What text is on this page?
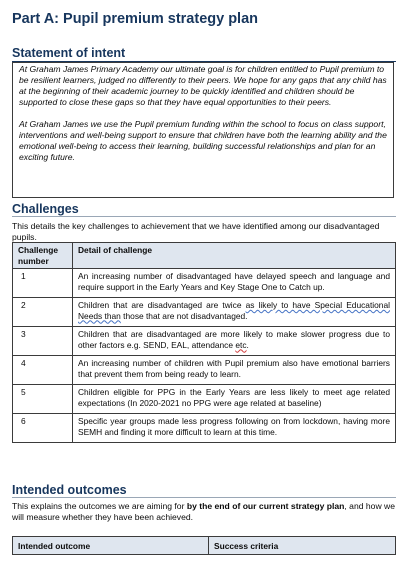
Part A: Pupil premium strategy plan
Statement of intent

At Graham James Primary Academy our ultimate goal is for children entitled to Pupil premium to be resilient learners, judged no differently to their peers. We hope for any gaps that any child has at the beginning of their academic journey to be quickly identified and children should be supported to close these gaps so that they have equal opportunities to their peers.

At Graham James we use the Pupil premium funding within the school to focus on class support, interventions and well-being support to ensure that children have both the learning ability and the emotional well-being to access their learning, building successful relationships and plan for an exciting future.

Challenges

This details the key challenges to achievement that we have identified among our disadvantaged pupils.

Challenge number	Detail of challenge
1	An increasing number of disadvantaged have delayed speech and language and require support in the Early Years and Key Stage One to Catch up.
2	Children that are disadvantaged are twice as likely to have Special Educational Needs than those that are not disadvantaged.
3	Children that are disadvantaged are more likely to make slower progress due to other factors e.g. SEND, EAL, attendance etc.
4	An increasing number of children with Pupil premium also have emotional barriers that prevent them from being ready to learn.
5	Children eligible for PPG in the Early Years are less likely to meet age related expectations (In 2020-2021 no PPG were age related at baseline)
6	Specific year groups made less progress following on from lockdown, having more SEMH and finding it more difficult to learn at this time.
Intended outcomes

This explains the outcomes we are aiming for by the end of our current strategy plan, and how we will measure whether they have been achieved.

Intended outcome	Success criteria
